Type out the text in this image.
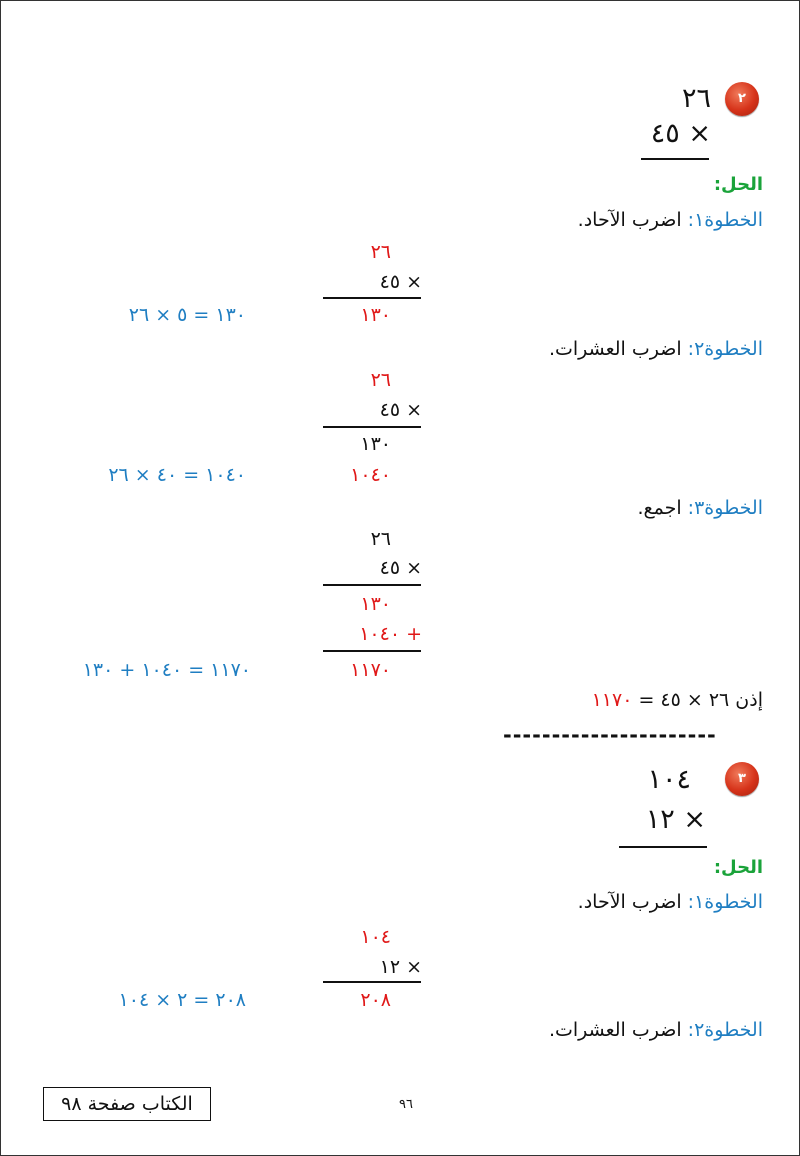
٢
٢٦
٤٥ ×
الحل:
الخطوة١: اضرب الآحاد.
٢٦
٤٥ ×
١٣٠
١٣٠ = ٥ × ٢٦
الخطوة٢: اضرب العشرات.
٢٦
٤٥ ×
١٣٠
١٠٤٠
١٠٤٠ = ٤٠ × ٢٦
الخطوة٣: اجمع.
٢٦
٤٥ ×
١٣٠
١٠٤٠ +
١١٧٠
١١٧٠ = ١٠٤٠ + ١٣٠
إذن ٢٦ × ٤٥ = ١١٧٠
----------------------
٣
١٠٤
١٢ ×
الحل:
الخطوة١: اضرب الآحاد.
١٠٤
١٢ ×
٢٠٨
٢٠٨ = ٢ × ١٠٤
الخطوة٢: اضرب العشرات.
الكتاب صفحة ٩٨	٩٦
